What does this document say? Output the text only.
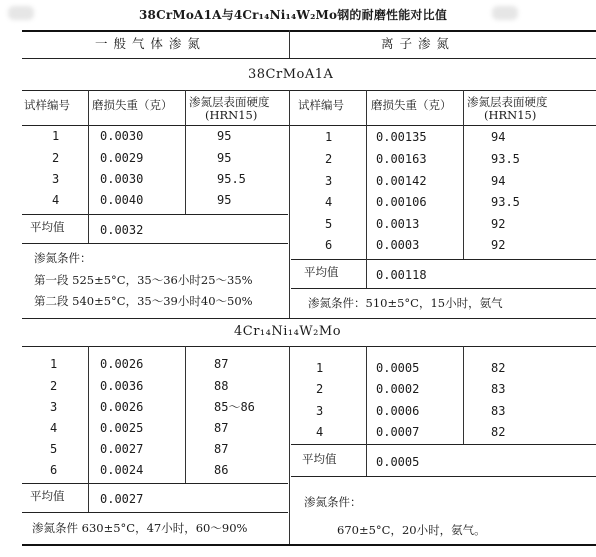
38CrMoA1A与4Cr₁₄Ni₁₄W₂Mo钢的耐磨性能对比值
一 般 气 体 渗 氮	离 子 渗 氮
38CrMoA1A
试样编号 磨损失重（克） 渗氮层表面硬度
(HRN15)
试样编号 磨损失重（克） 渗氮层表面硬度
(HRN15)
1	0.0030	95
2	0.0029	95
3	0.0030	95.5
4	0.0040	95
平均值	0.0032
渗氮条件：
第一段 525±5°C，35～36小时25～35%
第二段 540±5°C，35～39小时40～50%
1	0.00135	94
2	0.00163	93.5
3	0.00142	94
4	0.00106	93.5
5	0.0013	92
6	0.0003	92
平均值	0.00118
渗氮条件：510±5°C，15小时，氨气
4Cr₁₄Ni₁₄W₂Mo
1	0.0026	87
2	0.0036	88
3	0.0026	85～86
4	0.0025	87
5	0.0027	87
6	0.0024	86
平均值	0.0027
渗氮条件 630±5°C，47小时，60～90%
1	0.0005	82
2	0.0002	83
3	0.0006	83
4	0.0007	82
平均值	0.0005
渗氮条件：
670±5°C，20小时，氨气。
